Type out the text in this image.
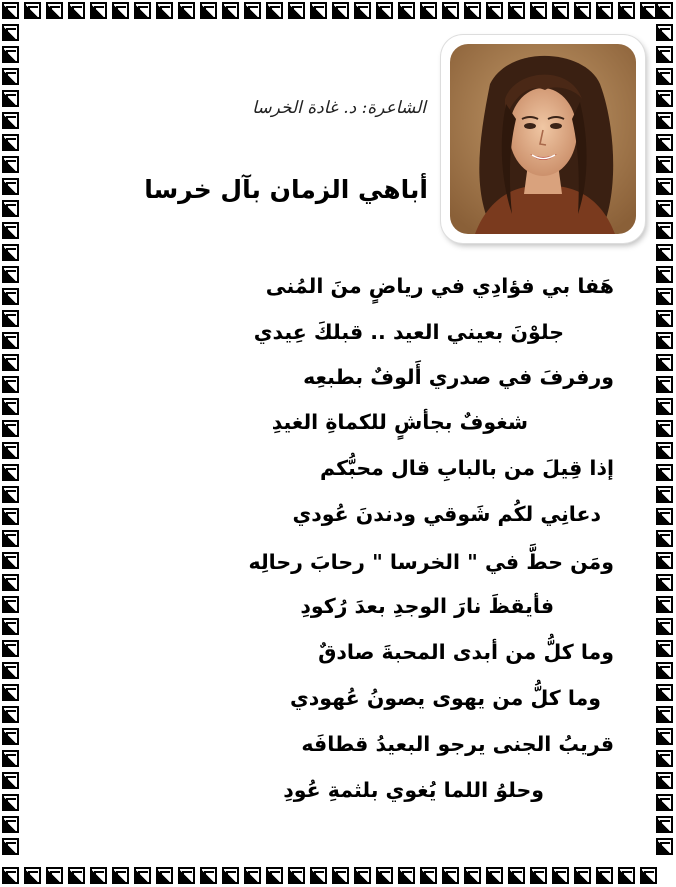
الشاعرة: د. غادة الخرسا
أباهي الزمان بآل خرسا
هَفا بي فؤادِي في رياضٍ منَ المُنى
جلوْنَ بعيني العيد .. قبلكَ عِيدي
ورفرفَ في صدري أَلوفٌ بطبعِه
شغوفٌ بجأشٍ للكماةِ الغيدِ
إذا قِيلَ من بالبابِ قال محبُّكم
دعانِي لكُم شَوقي ودندنَ عُودي
ومَن حطَّ في " الخرسا " رحابَ رحالِه
فأيقظَ نارَ الوجدِ بعدَ رُكودِ
وما كلُّ من أبدى المحبةَ صادقٌ
وما كلُّ من يهوى يصونُ عُهودي
قريبُ الجنى يرجو البعيدُ قطافَه
وحلوُ اللما يُغوي بلثمةِ عُودِ
